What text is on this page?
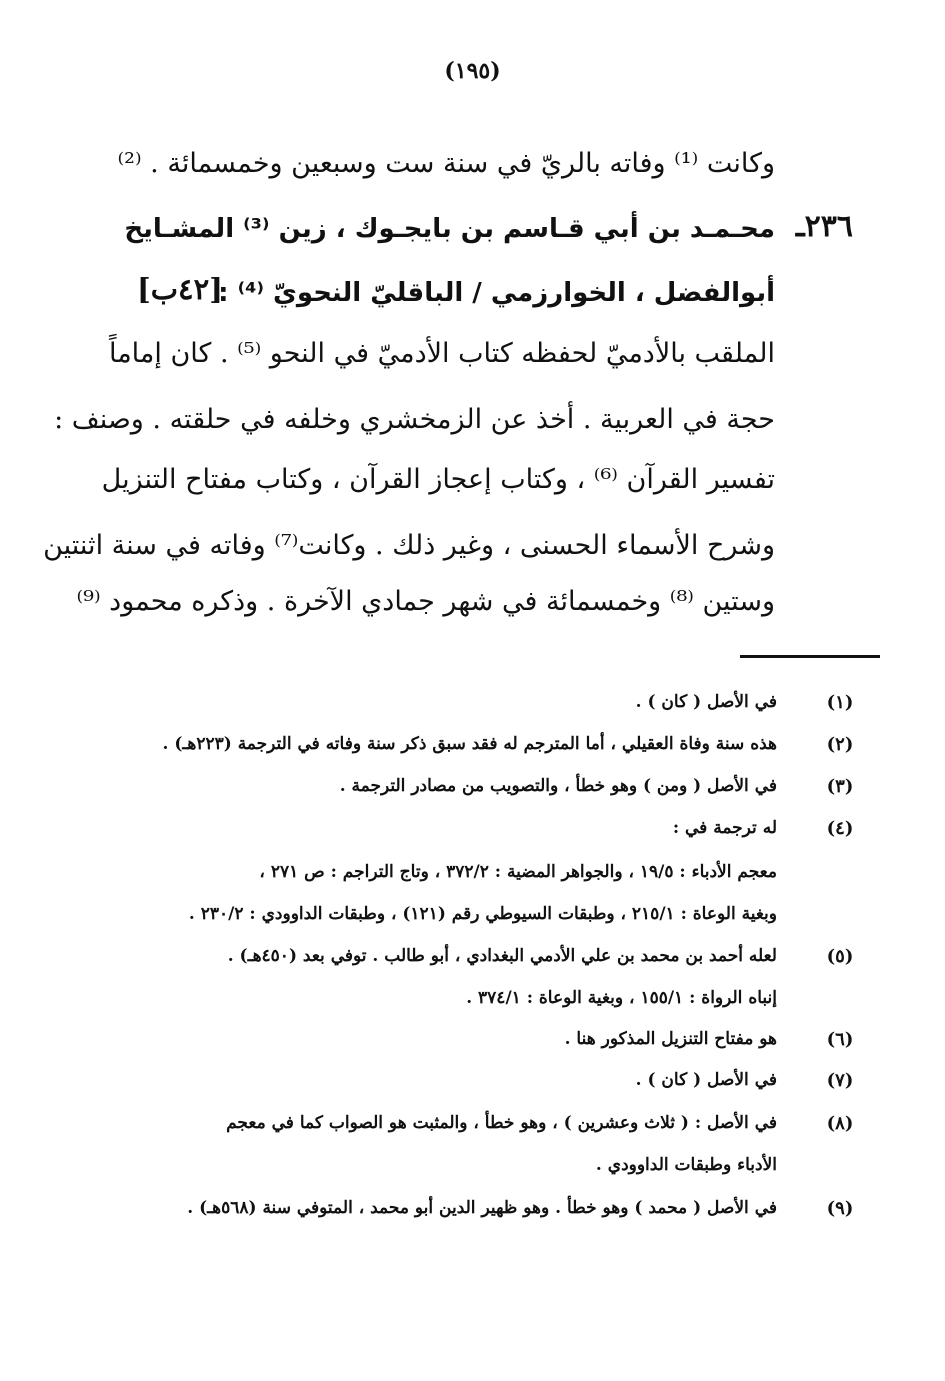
(١٩٥)
وكانت ⁽¹⁾ وفاته بالريّ في سنة ست وسبعين وخمسمائة . ⁽²⁾
٢٣٦ـ
محـمـد بن أبي قـاسم بن بايجـوك ، زين ⁽³⁾ المشـايخ
أبوالفضل ، الخوارزمي / الباقليّ النحويّ ⁽⁴⁾ :
[٤٢ب]
الملقب بالأدميّ لحفظه كتاب الأدميّ في النحو ⁽⁵⁾ . كان إماماً
حجة في العربية . أخذ عن الزمخشري وخلفه في حلقته . وصنف :
تفسير القرآن ⁽⁶⁾ ، وكتاب إعجاز القرآن ، وكتاب مفتاح التنزيل
وشرح الأسماء الحسنى ، وغير ذلك . وكانت⁽⁷⁾ وفاته في سنة اثنتين
وستين ⁽⁸⁾ وخمسمائة في شهر جمادي الآخرة . وذكره محمود ⁽⁹⁾
(١)
في الأصل ( كان ) .
(٢)
هذه سنة وفاة العقيلي ، أما المترجم له فقد سبق ذكر سنة وفاته في الترجمة (٢٢٣هـ) .
(٣)
في الأصل ( ومن ) وهو خطأ ، والتصويب من مصادر الترجمة .
(٤)
له ترجمة في :
معجم الأدباء : ١٩/٥ ، والجواهر المضية : ٣٧٢/٢ ، وتاج التراجم : ص ٢٧١ ،
وبغية الوعاة : ٢١٥/١ ، وطبقات السيوطي رقم (١٢١) ، وطبقات الداوودي : ٢٣٠/٢ .
(٥)
لعله أحمد بن محمد بن علي الأدمي البغدادي ، أبو طالب . توفي بعد (٤٥٠هـ) .
إنباه الرواة : ١٥٥/١ ، وبغية الوعاة : ٣٧٤/١ .
(٦)
هو مفتاح التنزيل المذكور هنا .
(٧)
في الأصل ( كان ) .
(٨)
في الأصل : ( ثلاث وعشرين ) ، وهو خطأ ، والمثبت هو الصواب كما في معجم
الأدباء وطبقات الداوودي .
(٩)
في الأصل ( محمد ) وهو خطأ . وهو ظهير الدين أبو محمد ، المتوفي سنة (٥٦٨هـ) .
